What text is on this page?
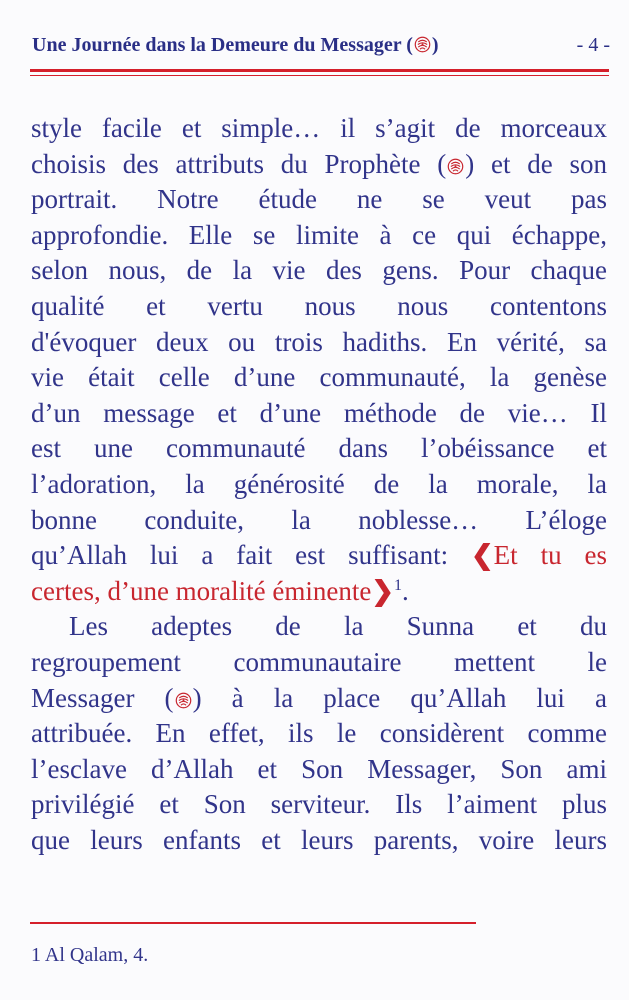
Une Journée dans la Demeure du Messager ( )	- 4 -
style facile et simple… il s’agit de morceaux
choisis des attributs du Prophète ( ) et de son
portrait. Notre étude ne se veut pas
approfondie. Elle se limite à ce qui échappe,
selon nous, de la vie des gens. Pour chaque
qualité et vertu nous nous contentons
d'évoquer deux ou trois hadiths. En vérité, sa
vie était celle d’une communauté, la genèse
d’un message et d’une méthode de vie… Il
est une communauté dans l’obéissance et
l’adoration, la générosité de la morale, la
bonne conduite, la noblesse… L’éloge
qu’Allah lui a fait est suffisant: ❮Et tu es
certes, d’une moralité éminente❯$^1$.
Les adeptes de la Sunna et du
regroupement communautaire mettent le
Messager ( ) à la place qu’Allah lui a
attribuée. En effet, ils le considèrent comme
l’esclave d’Allah et Son Messager, Son ami
privilégié et Son serviteur. Ils l’aiment plus
que leurs enfants et leurs parents, voire leurs
1 Al Qalam, 4.
